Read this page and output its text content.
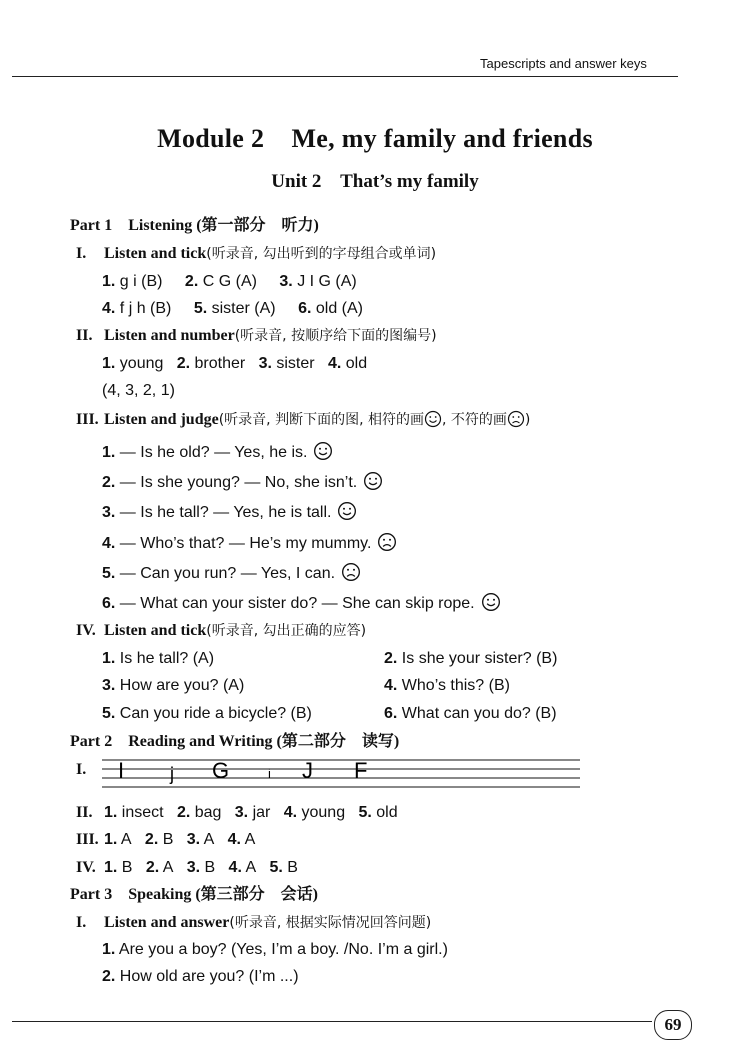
Tapescripts and answer keys
Module 2    Me, my family and friends
Unit 2    That’s my family
Part 1    Listening (第一部分    听力)
I. Listen and tick(听录音, 勾出听到的字母组合或单词)
1. g i (B) 2. C G (A) 3. J I G (A)
4. f j h (B) 5. sister (A) 6. old (A)
II. Listen and number(听录音, 按顺序给下面的图编号)
1. young 2. brother 3. sister 4. old
(4, 3, 2, 1)
III. Listen and judge(听录音, 判断下面的图, 相符的画 , 不符的画 )
1. — Is he old? — Yes, he is.
2. — Is she young? — No, she isn’t.
3. — Is he tall? — Yes, he is tall.
4. — Who’s that? — He’s my mummy.
5. — Can you run? — Yes, I can.
6. — What can your sister do? — She can skip rope.
IV. Listen and tick(听录音, 勾出正确的应答)
1. Is he tall? (A)	2. Is she your sister? (B)
3. How are you? (A)	4. Who’s this? (B)
5. Can you ride a bicycle? (B)	6. What can you do? (B)
Part 2    Reading and Writing (第二部分    读写)
I. I	j G	i J F
II. 1. insect 2. bag 3. jar 4. young 5. old
III. 1. A 2. B 3. A 4. A
IV. 1. B 2. A 3. B 4. A 5. B
Part 3    Speaking (第三部分    会话)
I. Listen and answer(听录音, 根据实际情况回答问题)
1. Are you a boy? (Yes, I’m a boy. /No. I’m a girl.)
2. How old are you? (I’m ...)
69
